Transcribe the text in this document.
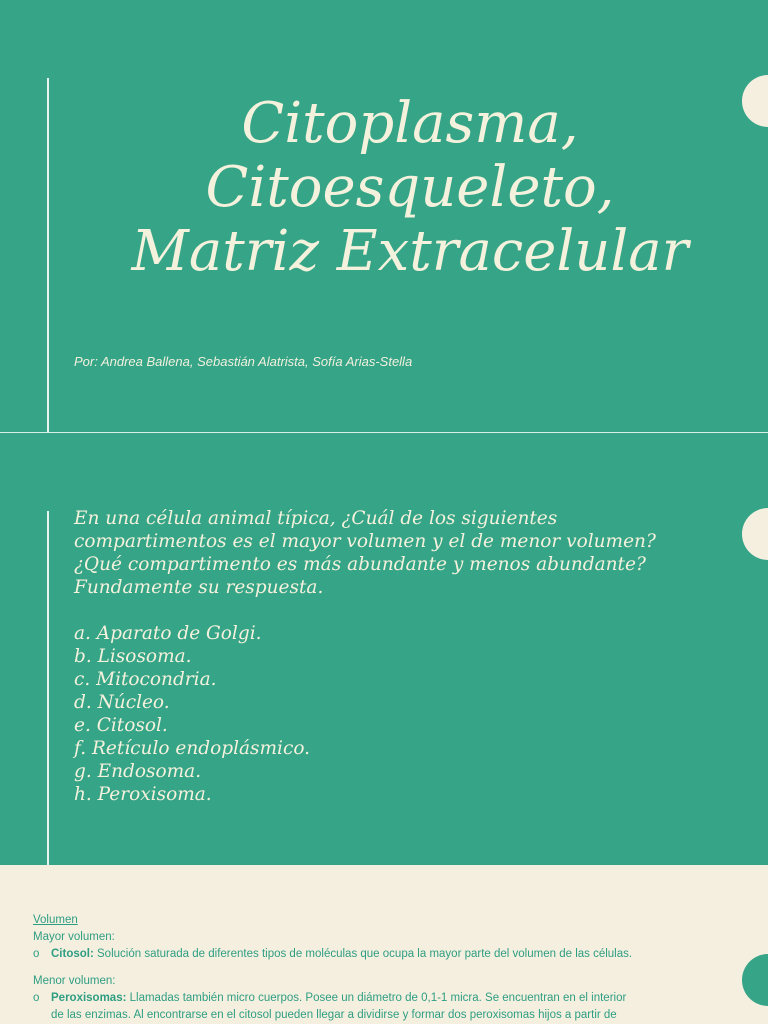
Citoplasma,
Citoesqueleto,
Matriz Extracelular
Por: Andrea Ballena, Sebastián Alatrista, Sofía Arias-Stella
En una célula animal típica, ¿Cuál de los siguientes
compartimentos es el mayor volumen y el de menor volumen?
¿Qué compartimento es más abundante y menos abundante?
Fundamente su respuesta.
a. Aparato de Golgi.
b. Lisosoma.
c. Mitocondria.
d. Núcleo.
e. Citosol.
f. Retículo endoplásmico.
g. Endosoma.
h. Peroxisoma.
Volumen
Mayor volumen:
o Citosol: Solución saturada de diferentes tipos de moléculas que ocupa la mayor parte del volumen de las células.
Menor volumen:
o Peroxisomas: Llamadas también micro cuerpos. Posee un diámetro de 0,1-1 micra. Se encuentran en el interior
de las enzimas. Al encontrarse en el citosol pueden llegar a dividirse y formar dos peroxisomas hijos a partir de
